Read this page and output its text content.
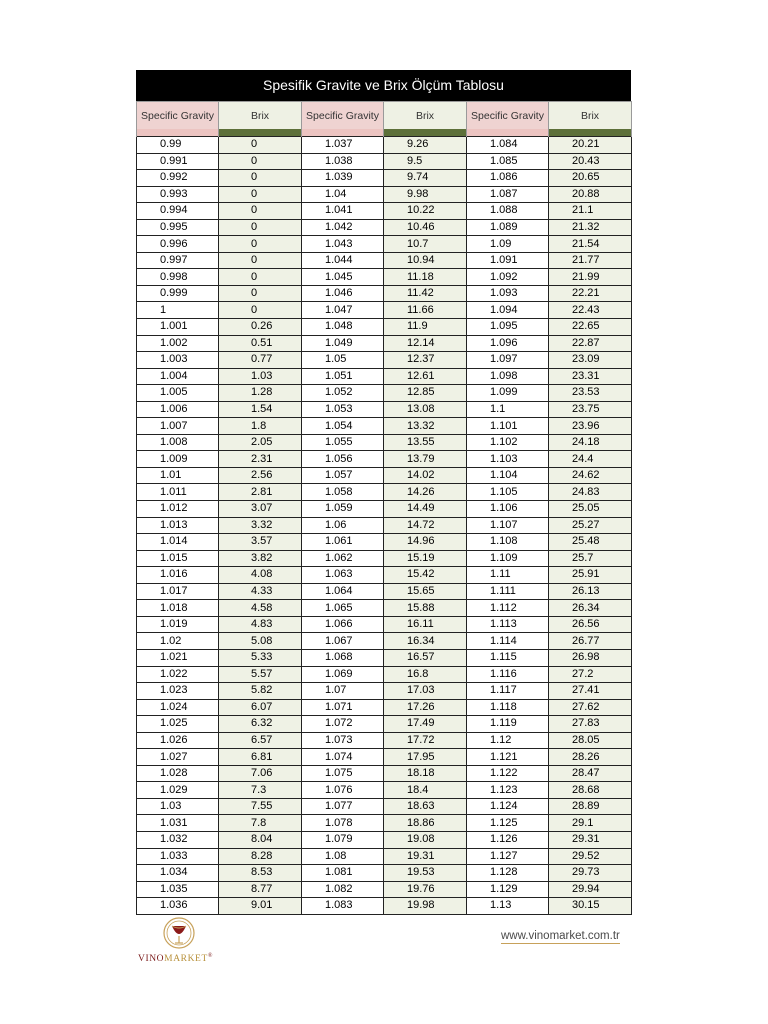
Spesifik Gravite ve Brix Ölçüm Tablosu
Specific Gravity	Brix	Specific Gravity	Brix	Specific Gravity	Brix

0.99	0	1.037	9.26	1.084	20.21
0.991	0	1.038	9.5	1.085	20.43
0.992	0	1.039	9.74	1.086	20.65
0.993	0	1.04	9.98	1.087	20.88
0.994	0	1.041	10.22	1.088	21.1
0.995	0	1.042	10.46	1.089	21.32
0.996	0	1.043	10.7	1.09	21.54
0.997	0	1.044	10.94	1.091	21.77
0.998	0	1.045	11.18	1.092	21.99
0.999	0	1.046	11.42	1.093	22.21
1	0	1.047	11.66	1.094	22.43
1.001	0.26	1.048	11.9	1.095	22.65
1.002	0.51	1.049	12.14	1.096	22.87
1.003	0.77	1.05	12.37	1.097	23.09
1.004	1.03	1.051	12.61	1.098	23.31
1.005	1.28	1.052	12.85	1.099	23.53
1.006	1.54	1.053	13.08	1.1	23.75
1.007	1.8	1.054	13.32	1.101	23.96
1.008	2.05	1.055	13.55	1.102	24.18
1.009	2.31	1.056	13.79	1.103	24.4
1.01	2.56	1.057	14.02	1.104	24.62
1.011	2.81	1.058	14.26	1.105	24.83
1.012	3.07	1.059	14.49	1.106	25.05
1.013	3.32	1.06	14.72	1.107	25.27
1.014	3.57	1.061	14.96	1.108	25.48
1.015	3.82	1.062	15.19	1.109	25.7
1.016	4.08	1.063	15.42	1.11	25.91
1.017	4.33	1.064	15.65	1.111	26.13
1.018	4.58	1.065	15.88	1.112	26.34
1.019	4.83	1.066	16.11	1.113	26.56
1.02	5.08	1.067	16.34	1.114	26.77
1.021	5.33	1.068	16.57	1.115	26.98
1.022	5.57	1.069	16.8	1.116	27.2
1.023	5.82	1.07	17.03	1.117	27.41
1.024	6.07	1.071	17.26	1.118	27.62
1.025	6.32	1.072	17.49	1.119	27.83
1.026	6.57	1.073	17.72	1.12	28.05
1.027	6.81	1.074	17.95	1.121	28.26
1.028	7.06	1.075	18.18	1.122	28.47
1.029	7.3	1.076	18.4	1.123	28.68
1.03	7.55	1.077	18.63	1.124	28.89
1.031	7.8	1.078	18.86	1.125	29.1
1.032	8.04	1.079	19.08	1.126	29.31
1.033	8.28	1.08	19.31	1.127	29.52
1.034	8.53	1.081	19.53	1.128	29.73
1.035	8.77	1.082	19.76	1.129	29.94
1.036	9.01	1.083	19.98	1.13	30.15
VINOMARKET®
www.vinomarket.com.tr
